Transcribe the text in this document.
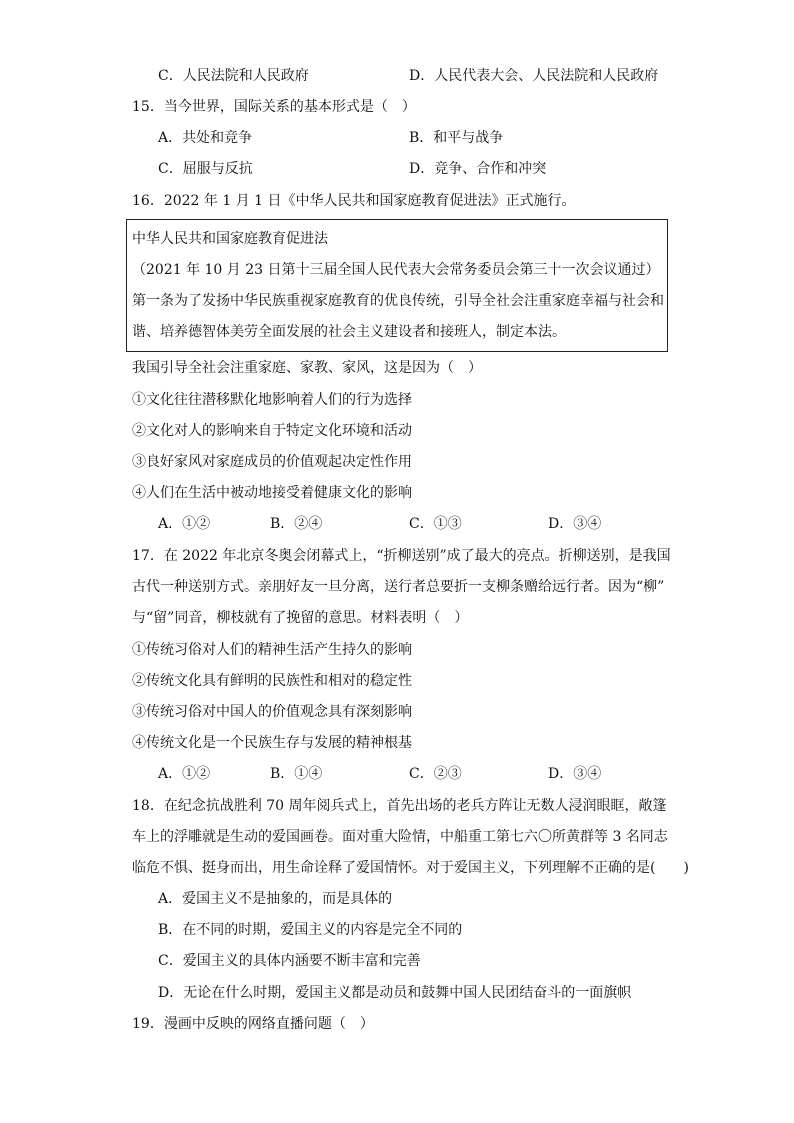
C．人民法院和人民政府	D．人民代表大会、人民法院和人民政府
15．当今世界，国际关系的基本形式是（　）
A．共处和竞争	B．和平与战争
C．屈服与反抗	D．竞争、合作和冲突
16．2022 年 1 月 1 日《中华人民共和国家庭教育促进法》正式施行。
中华人民共和国家庭教育促进法
（2021 年 10 月 23 日第十三届全国人民代表大会常务委员会第三十一次会议通过）
第一条为了发扬中华民族重视家庭教育的优良传统，引导全社会注重家庭幸福与社会和
谐、培养德智体美劳全面发展的社会主义建设者和接班人，制定本法。
我国引导全社会注重家庭、家教、家风，这是因为（　）
①文化往往潜移默化地影响着人们的行为选择
②文化对人的影响来自于特定文化环境和活动
③良好家风对家庭成员的价值观起决定性作用
④人们在生活中被动地接受着健康文化的影响
A．①②	B．②④	C．①③	D．③④
17．在 2022 年北京冬奥会闭幕式上，“折柳送别”成了最大的亮点。折柳送别，是我国
古代一种送别方式。亲朋好友一旦分离，送行者总要折一支柳条赠给远行者。因为“柳”
与“留”同音，柳枝就有了挽留的意思。材料表明（　）
①传统习俗对人们的精神生活产生持久的影响
②传统文化具有鲜明的民族性和相对的稳定性
③传统习俗对中国人的价值观念具有深刻影响
④传统文化是一个民族生存与发展的精神根基
A．①②	B．①④	C．②③	D．③④
18．在纪念抗战胜利 70 周年阅兵式上，首先出场的老兵方阵让无数人浸润眼眶，敞篷
车上的浮雕就是生动的爱国画卷。面对重大险情，中船重工第七六〇所黄群等 3 名同志
临危不惧、挺身而出，用生命诠释了爱国情怀。对于爱国主义，下列理解不正确的是(　　)
A．爱国主义不是抽象的，而是具体的
B．在不同的时期，爱国主义的内容是完全不同的
C．爱国主义的具体内涵要不断丰富和完善
D．无论在什么时期，爱国主义都是动员和鼓舞中国人民团结奋斗的一面旗帜
19．漫画中反映的网络直播问题（　）
